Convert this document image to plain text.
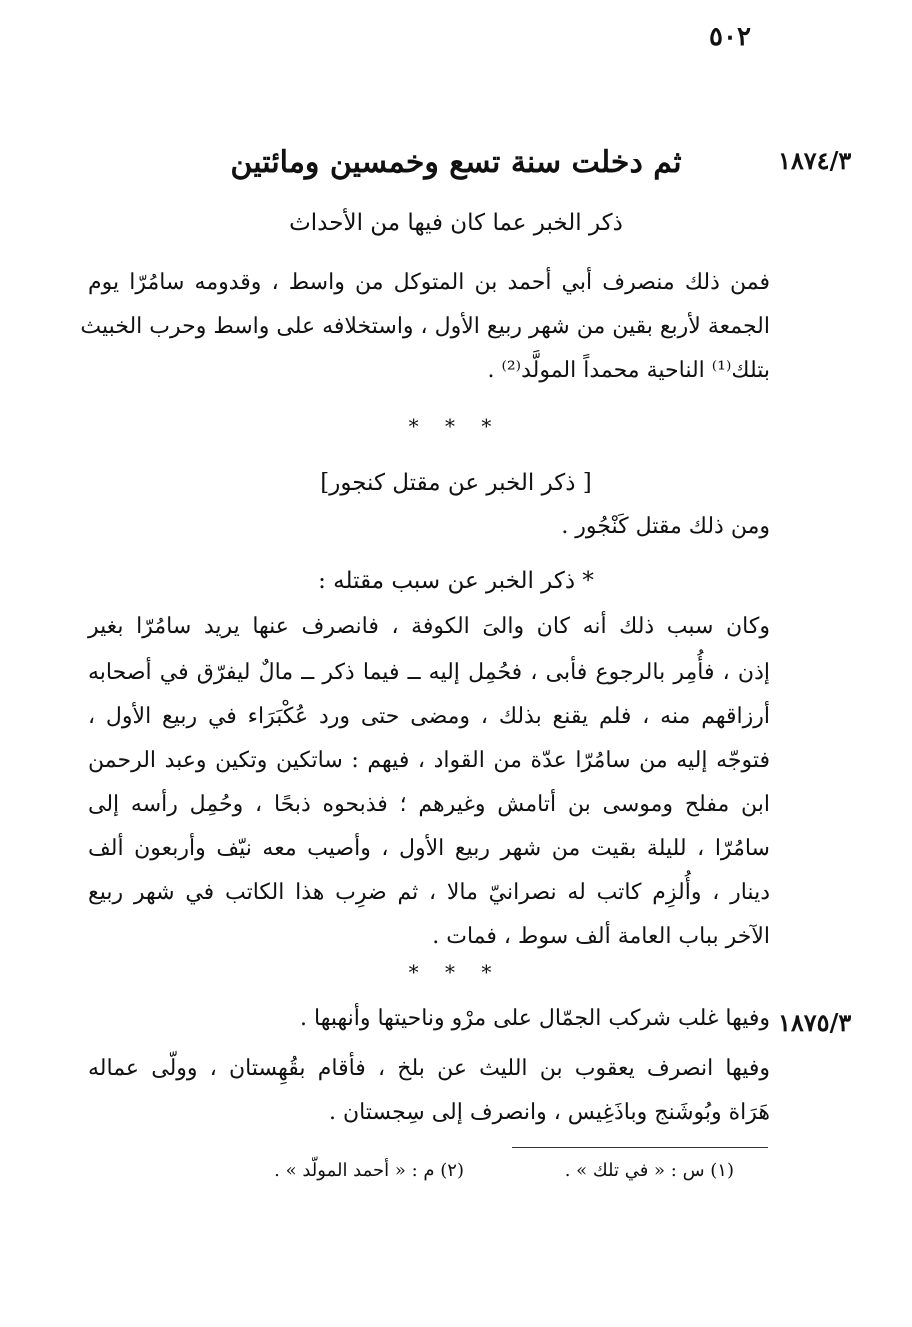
٥٠٢
١٨٧٤/٣
ثم دخلت سنة تسع وخمسين ومائتين
ذكر الخبر عما كان فيها من الأحداث
فمن ذلك منصرف أبي أحمد بن المتوكل من واسط ، وقدومه سامُرّا يوم
الجمعة لأربع بقين من شهر ربيع الأول ، واستخلافه على واسط وحرب الخبيث
بتلك⁽¹⁾ الناحية محمداً المولَّد⁽²⁾ .
* * *
[ ذكر الخبر عن مقتل كنجور]
ومن ذلك مقتل كَنْجُور .
* ذكر الخبر عن سبب مقتله :
وكان سبب ذلك أنه كان والىَ الكوفة ، فانصرف عنها يريد سامُرّا بغير
إذن ، فأُمِر بالرجوع فأبى ، فحُمِل إليه ــ فيما ذكر ــ مالٌ ليفرّق في أصحابه
أرزاقهم منه ، فلم يقنع بذلك ، ومضى حتى ورد عُكْبَرَاء في ربيع الأول ،
فتوجّه إليه من سامُرّا عدّة من القواد ، فيهم : ساتكين وتكين وعبد الرحمن
ابن مفلح وموسى بن أتامش وغيرهم ؛ فذبحوه ذبحًا ، وحُمِل رأسه إلى
سامُرّا ، لليلة بقيت من شهر ربيع الأول ، وأصيب معه نيّف وأربعون ألف
دينار ، وأُلزِم كاتب له نصرانيّ مالا ، ثم ضرِب هذا الكاتب في شهر ربيع
الآخر بباب العامة ألف سوط ، فمات .
* * *
١٨٧٥/٣
وفيها غلب شركب الجمّال على مرْو وناحيتها وأنهبها .
وفيها انصرف يعقوب بن الليث عن بلخ ، فأقام بقُهِستان ، وولّى عماله
هَرَاة وبُوشَنج وباذَغِيس ، وانصرف إلى سِجستان .
(١) س : « في تلك » .
(٢) م : « أحمد المولّد » .
